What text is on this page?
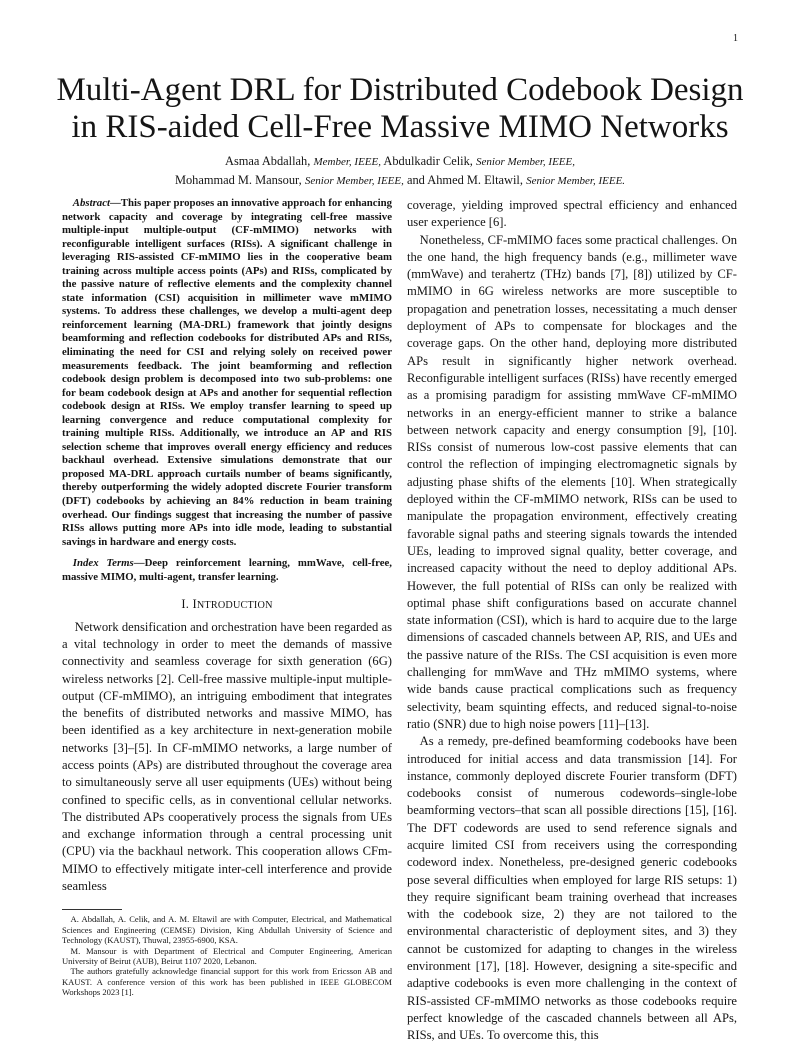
1
Multi-Agent DRL for Distributed Codebook Design
in RIS-aided Cell-Free Massive MIMO Networks
Asmaa Abdallah, Member, IEEE, Abdulkadir Celik, Senior Member, IEEE,
Mohammad M. Mansour, Senior Member, IEEE, and Ahmed M. Eltawil, Senior Member, IEEE.

Abstract—This paper proposes an innovative approach for enhancing network capacity and coverage by integrating cell-free massive multiple-input multiple-output (CF-mMIMO) networks with reconfigurable intelligent surfaces (RISs). A significant challenge in leveraging RIS-assisted CF-mMIMO lies in the cooperative beam training across multiple access points (APs) and RISs, complicated by the passive nature of reflective elements and the complexity channel state information (CSI) acquisition in millimeter wave mMIMO systems. To address these challenges, we develop a multi-agent deep reinforcement learning (MA-DRL) framework that jointly designs beamforming and reflection codebooks for distributed APs and RISs, eliminating the need for CSI and relying solely on received power measurements feedback. The joint beamforming and reflection codebook design problem is decomposed into two sub-problems: one for beam codebook design at APs and another for sequential reflection codebook design at RISs. We employ transfer learning to speed up learning convergence and reduce computational complexity for training multiple RISs. Additionally, we introduce an AP and RIS selection scheme that improves overall energy efficiency and reduces backhaul overhead. Extensive simulations demonstrate that our proposed MA-DRL approach curtails number of beams significantly, thereby outperforming the widely adopted discrete Fourier transform (DFT) codebooks by achieving an 84% reduction in beam training overhead. Our findings suggest that increasing the number of passive RISs allows putting more APs into idle mode, leading to substantial savings in hardware and energy costs.

Index Terms—Deep reinforcement learning, mmWave, cell-free, massive MIMO, multi-agent, transfer learning.

I. INTRODUCTION

Network densification and orchestration have been regarded as a vital technology in order to meet the demands of massive connectivity and seamless coverage for sixth generation (6G) wireless networks [2]. Cell-free massive multiple-input multiple-output (CF-mMIMO), an intriguing embodiment that integrates the benefits of distributed networks and massive MIMO, has been identified as a key architecture in next-generation mobile networks [3]–[5]. In CF-mMIMO networks, a large number of access points (APs) are distributed throughout the coverage area to simultaneously serve all user equipments (UEs) without being confined to specific cells, as in conventional cellular networks. The distributed APs cooperatively process the signals from UEs and exchange information through a central processing unit (CPU) via the backhaul network. This cooperation allows CFm-MIMO to effectively mitigate inter-cell interference and provide seamless

A. Abdallah, A. Celik, and A. M. Eltawil are with Computer, Electrical, and Mathematical Sciences and Engineering (CEMSE) Division, King Abdullah University of Science and Technology (KAUST), Thuwal, 23955-6900, KSA.

M. Mansour is with Department of Electrical and Computer Engineering, American University of Beirut (AUB), Beirut 1107 2020, Lebanon.

The authors gratefully acknowledge financial support for this work from Ericsson AB and KAUST. A conference version of this work has been published in IEEE GLOBECOM Workshops 2023 [1].

coverage, yielding improved spectral efficiency and enhanced user experience [6].

Nonetheless, CF-mMIMO faces some practical challenges. On the one hand, the high frequency bands (e.g., millimeter wave (mmWave) and terahertz (THz) bands [7], [8]) utilized by CF-mMIMO in 6G wireless networks are more susceptible to propagation and penetration losses, necessitating a much denser deployment of APs to compensate for blockages and the coverage gaps. On the other hand, deploying more distributed APs result in significantly higher network overhead. Reconfigurable intelligent surfaces (RISs) have recently emerged as a promising paradigm for assisting mmWave CF-mMIMO networks in an energy-efficient manner to strike a balance between network capacity and energy consumption [9], [10]. RISs consist of numerous low-cost passive elements that can control the reflection of impinging electromagnetic signals by adjusting phase shifts of the elements [10]. When strategically deployed within the CF-mMIMO network, RISs can be used to manipulate the propagation environment, effectively creating favorable signal paths and steering signals towards the intended UEs, leading to improved signal quality, better coverage, and increased capacity without the need to deploy additional APs. However, the full potential of RISs can only be realized with optimal phase shift configurations based on accurate channel state information (CSI), which is hard to acquire due to the large dimensions of cascaded channels between AP, RIS, and UEs and the passive nature of the RISs. The CSI acquisition is even more challenging for mmWave and THz mMIMO systems, where wide bands cause practical complications such as frequency selectivity, beam squinting effects, and reduced signal-to-noise ratio (SNR) due to high noise powers [11]–[13].

As a remedy, pre-defined beamforming codebooks have been introduced for initial access and data transmission [14]. For instance, commonly deployed discrete Fourier transform (DFT) codebooks consist of numerous codewords–single-lobe beamforming vectors–that scan all possible directions [15], [16]. The DFT codewords are used to send reference signals and acquire limited CSI from receivers using the corresponding codeword index. Nonetheless, pre-designed generic codebooks pose several difficulties when employed for large RIS setups: 1) they require significant beam training overhead that increases with the codebook size, 2) they are not tailored to the environmental characteristic of deployment sites, and 3) they cannot be customized for adapting to changes in the wireless environment [17], [18]. However, designing a site-specific and adaptive codebooks is even more challenging in the context of RIS-assisted CF-mMIMO networks as those codebooks require perfect knowledge of the cascaded channels between all APs, RISs, and UEs. To overcome this, this
